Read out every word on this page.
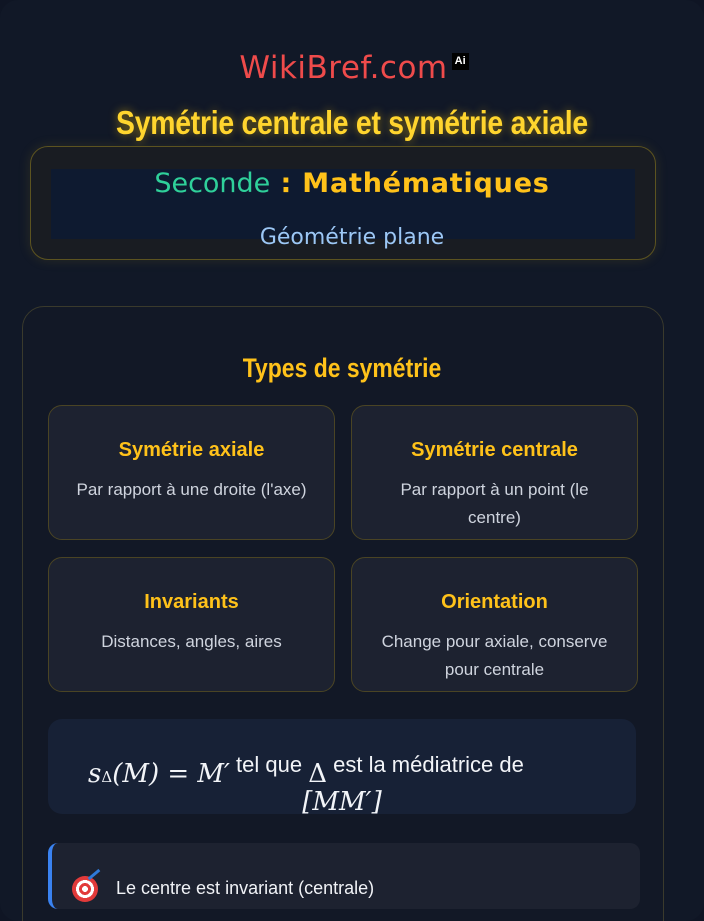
WikiBref.com Ai
Symétrie centrale et symétrie axiale
Seconde : Mathématiques
Géométrie plane
Types de symétrie
Symétrie axiale
Par rapport à une droite (l'axe)
Symétrie centrale
Par rapport à un point (le centre)
Invariants
Distances, angles, aires
Orientation
Change pour axiale, conserve pour centrale
sΔ(M) = M′ tel que Δ est la médiatrice de
[MM′]
Le centre est invariant (centrale)
